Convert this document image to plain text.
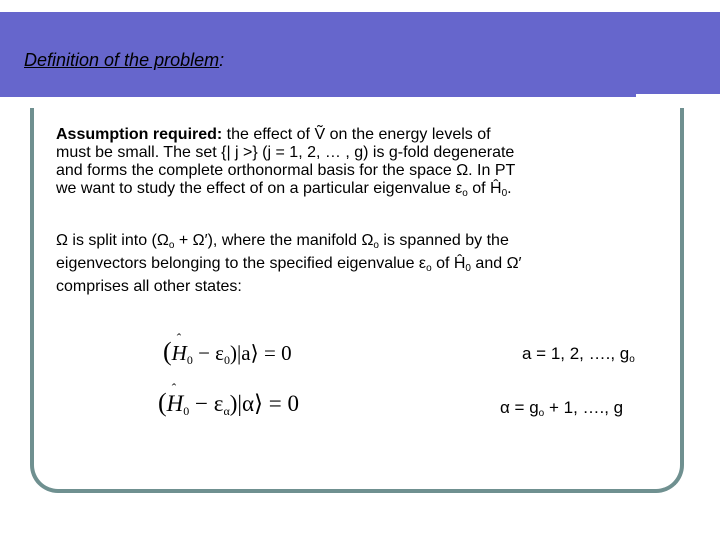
Definition of the problem:
Assumption required: the effect of Ṽ on the energy levels of
must be small. The set {| j >} (j = 1, 2, … , g) is g-fold degenerate
and forms the complete orthonormal basis for the space Ω. In PT
we want to study the effect of on a particular eigenvalue $\varepsilon_o$ of $Ĥ_0$.
Ω is split into $(\Omega_o + \Omega')$, where the manifold $\Omega_o$ is spanned by the
eigenvectors belonging to the specified eigenvalue $\varepsilon_o$ of $Ĥ_0$ and Ω′
comprises all other states:
(ˆ H0 − ε0)|a⟩ = 0
(ˆ H0 − εα)|α⟩ = 0
a = 1, 2, …., $g_o$
$\alpha = g_o + 1$, …., g
